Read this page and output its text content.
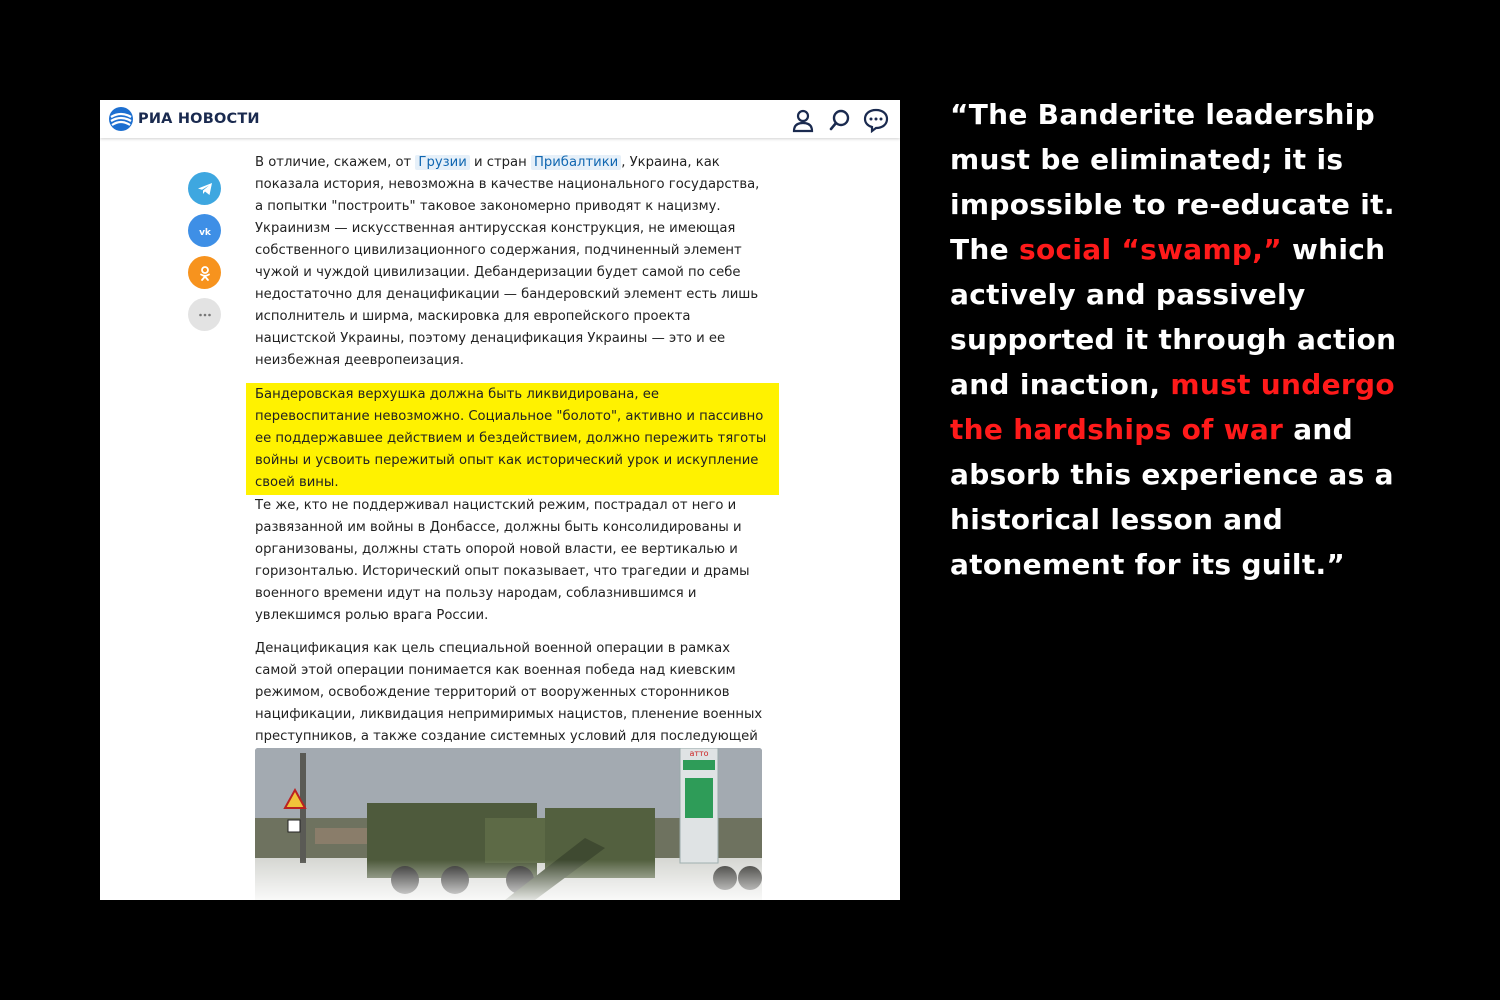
РИА НОВОСТИ
vk

В отличие, скажем, от Грузии и стран Прибалтики , Украина, как показала история, невозможна в качестве национального государства, а попытки "построить" таковое закономерно приводят к нацизму. Украинизм — искусственная антирусская конструкция, не имеющая собственного цивилизационного содержания, подчиненный элемент чужой и чуждой цивилизации. Дебандеризации будет самой по себе недостаточно для денацификации — бандеровский элемент есть лишь исполнитель и ширма, маскировка для европейского проекта нацистской Украины, поэтому денацификация Украины — это и ее неизбежная деевропеизация.

Бандеровская верхушка должна быть ликвидирована, ее перевоспитание невозможно. Социальное "болото", активно и пассивно ее поддержавшее действием и бездействием, должно пережить тяготы войны и усвоить пережитый опыт как исторический урок и искупление своей вины.

Те же, кто не поддерживал нацистский режим, пострадал от него и развязанной им войны в Донбассе, должны быть консолидированы и организованы, должны стать опорой новой власти, ее вертикалью и горизонталью. Исторический опыт показывает, что трагедии и драмы военного времени идут на пользу народам, соблазнившимся и увлекшимся ролью врага России.

Денацификация как цель специальной военной операции в рамках самой этой операции понимается как военная победа над киевским режимом, освобождение территорий от вооруженных сторонников нацификации, ликвидация непримиримых нацистов, пленение военных преступников, а также создание системных условий для последующей

aтто
“The Banderite leadership must be eliminated; it is impossible to re-educate it. The social “swamp,” which actively and passively supported it through action and inaction, must undergo the hardships of war and absorb this experience as a historical lesson and atonement for its guilt.”
